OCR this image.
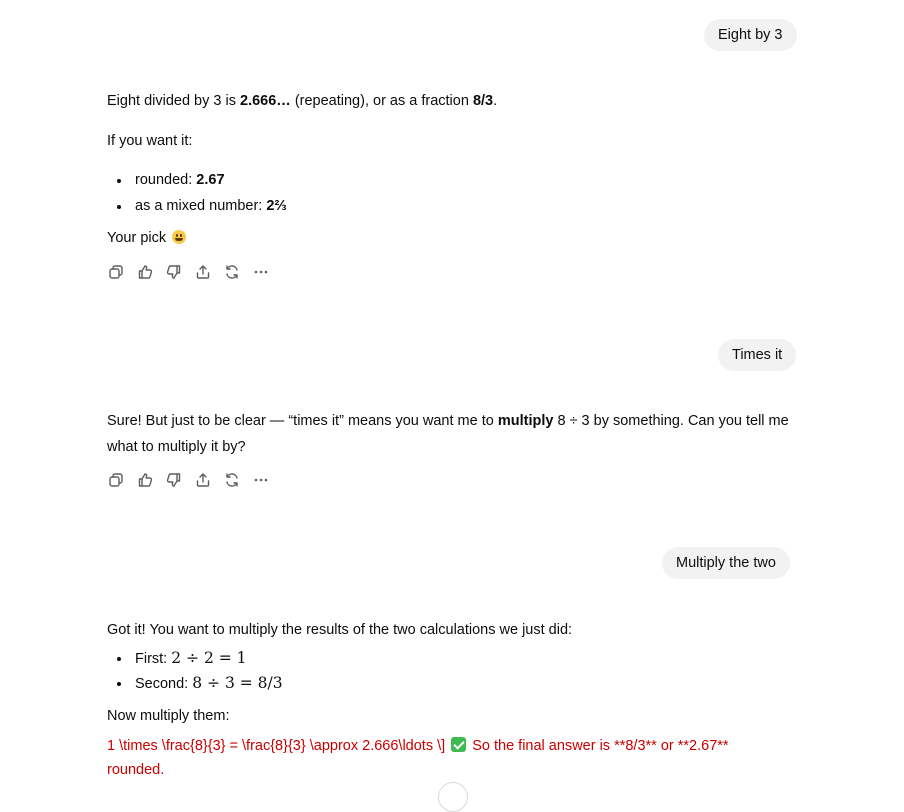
Eight by 3
Eight divided by 3 is 2.666… (repeating), or as a fraction 8/3.
If you want it:
rounded: 2.67
as a mixed number: 2⅔
Your pick
Times it
Sure! But just to be clear — “times it” means you want me to multiply 8 ÷ 3 by something. Can you tell me what to multiply it by?
Multiply the two
Got it! You want to multiply the results of the two calculations we just did:
First: 2 ÷ 2 = 1
Second: 8 ÷ 3 = 8/3
Now multiply them:
1 \times \frac{8}{3} = \frac{8}{3} \approx 2.666\ldots \]  So the final answer is **8/3** or **2.67**
rounded.
